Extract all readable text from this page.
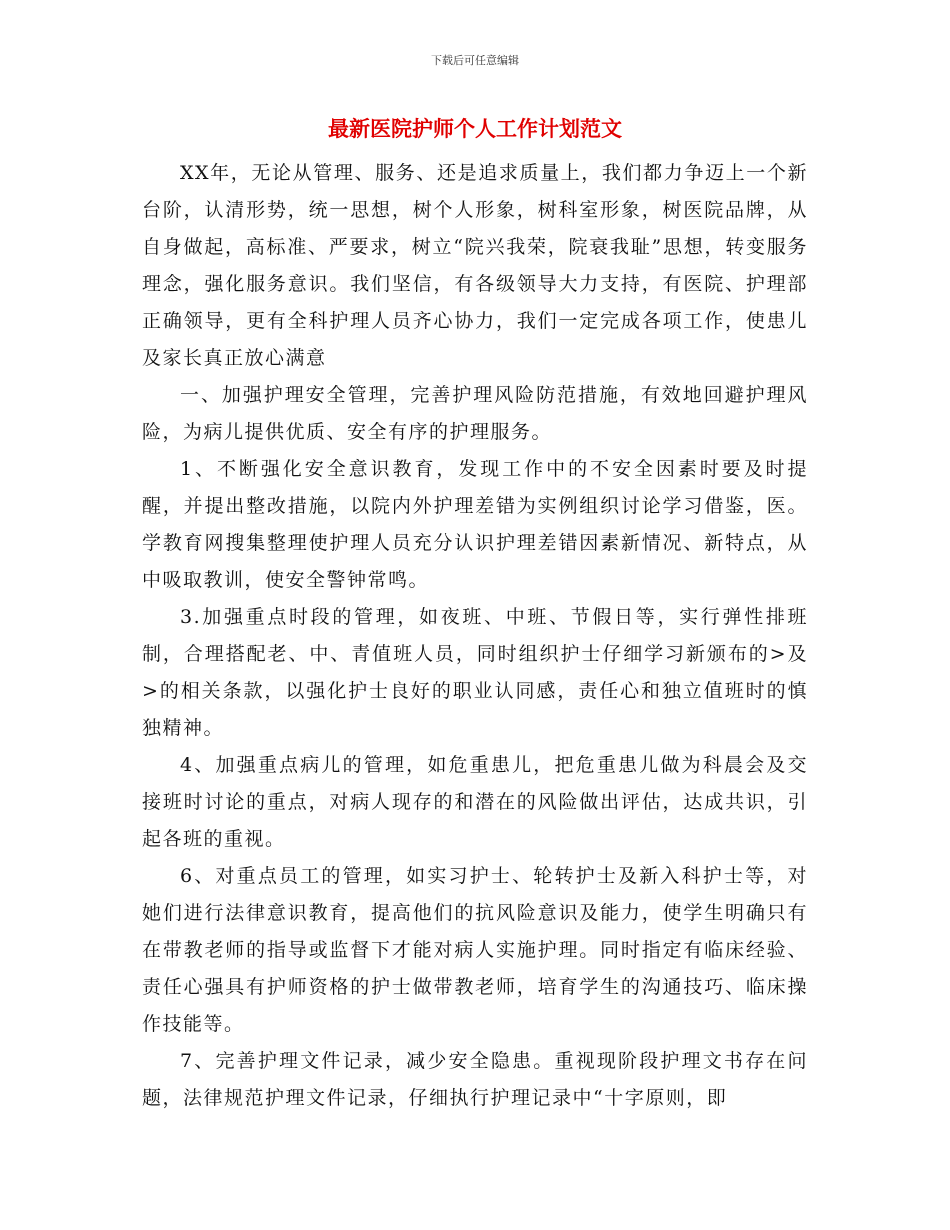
下载后可任意编辑
最新医院护师个人工作计划范文

XX年，无论从管理、服务、还是追求质量上，我们都力争迈上一个新台阶，认清形势，统一思想，树个人形象，树科室形象，树医院品牌，从自身做起，高标准、严要求，树立“院兴我荣，院衰我耻”思想，转变服务理念，强化服务意识。我们坚信，有各级领导大力支持，有医院、护理部正确领导，更有全科护理人员齐心协力，我们一定完成各项工作，使患儿及家长真正放心满意

一、加强护理安全管理，完善护理风险防范措施，有效地回避护理风险，为病儿提供优质、安全有序的护理服务。

1、不断强化安全意识教育，发现工作中的不安全因素时要及时提醒，并提出整改措施，以院内外护理差错为实例组织讨论学习借鉴，医。学教育网搜集整理使护理人员充分认识护理差错因素新情况、新特点，从中吸取教训，使安全警钟常鸣。

3.加强重点时段的管理，如夜班、中班、节假日等，实行弹性排班制，合理搭配老、中、青值班人员，同时组织护士仔细学习新颁布的>及>的相关条款，以强化护士良好的职业认同感，责任心和独立值班时的慎独精神。

4、加强重点病儿的管理，如危重患儿，把危重患儿做为科晨会及交接班时讨论的重点，对病人现存的和潜在的风险做出评估，达成共识，引起各班的重视。

6、对重点员工的管理，如实习护士、轮转护士及新入科护士等，对她们进行法律意识教育，提高他们的抗风险意识及能力，使学生明确只有在带教老师的指导或监督下才能对病人实施护理。同时指定有临床经验、责任心强具有护师资格的护士做带教老师，培育学生的沟通技巧、临床操作技能等。

7、完善护理文件记录，减少安全隐患。重视现阶段护理文书存在问题，法律规范护理文件记录，仔细执行护理记录中“十字原则，即
